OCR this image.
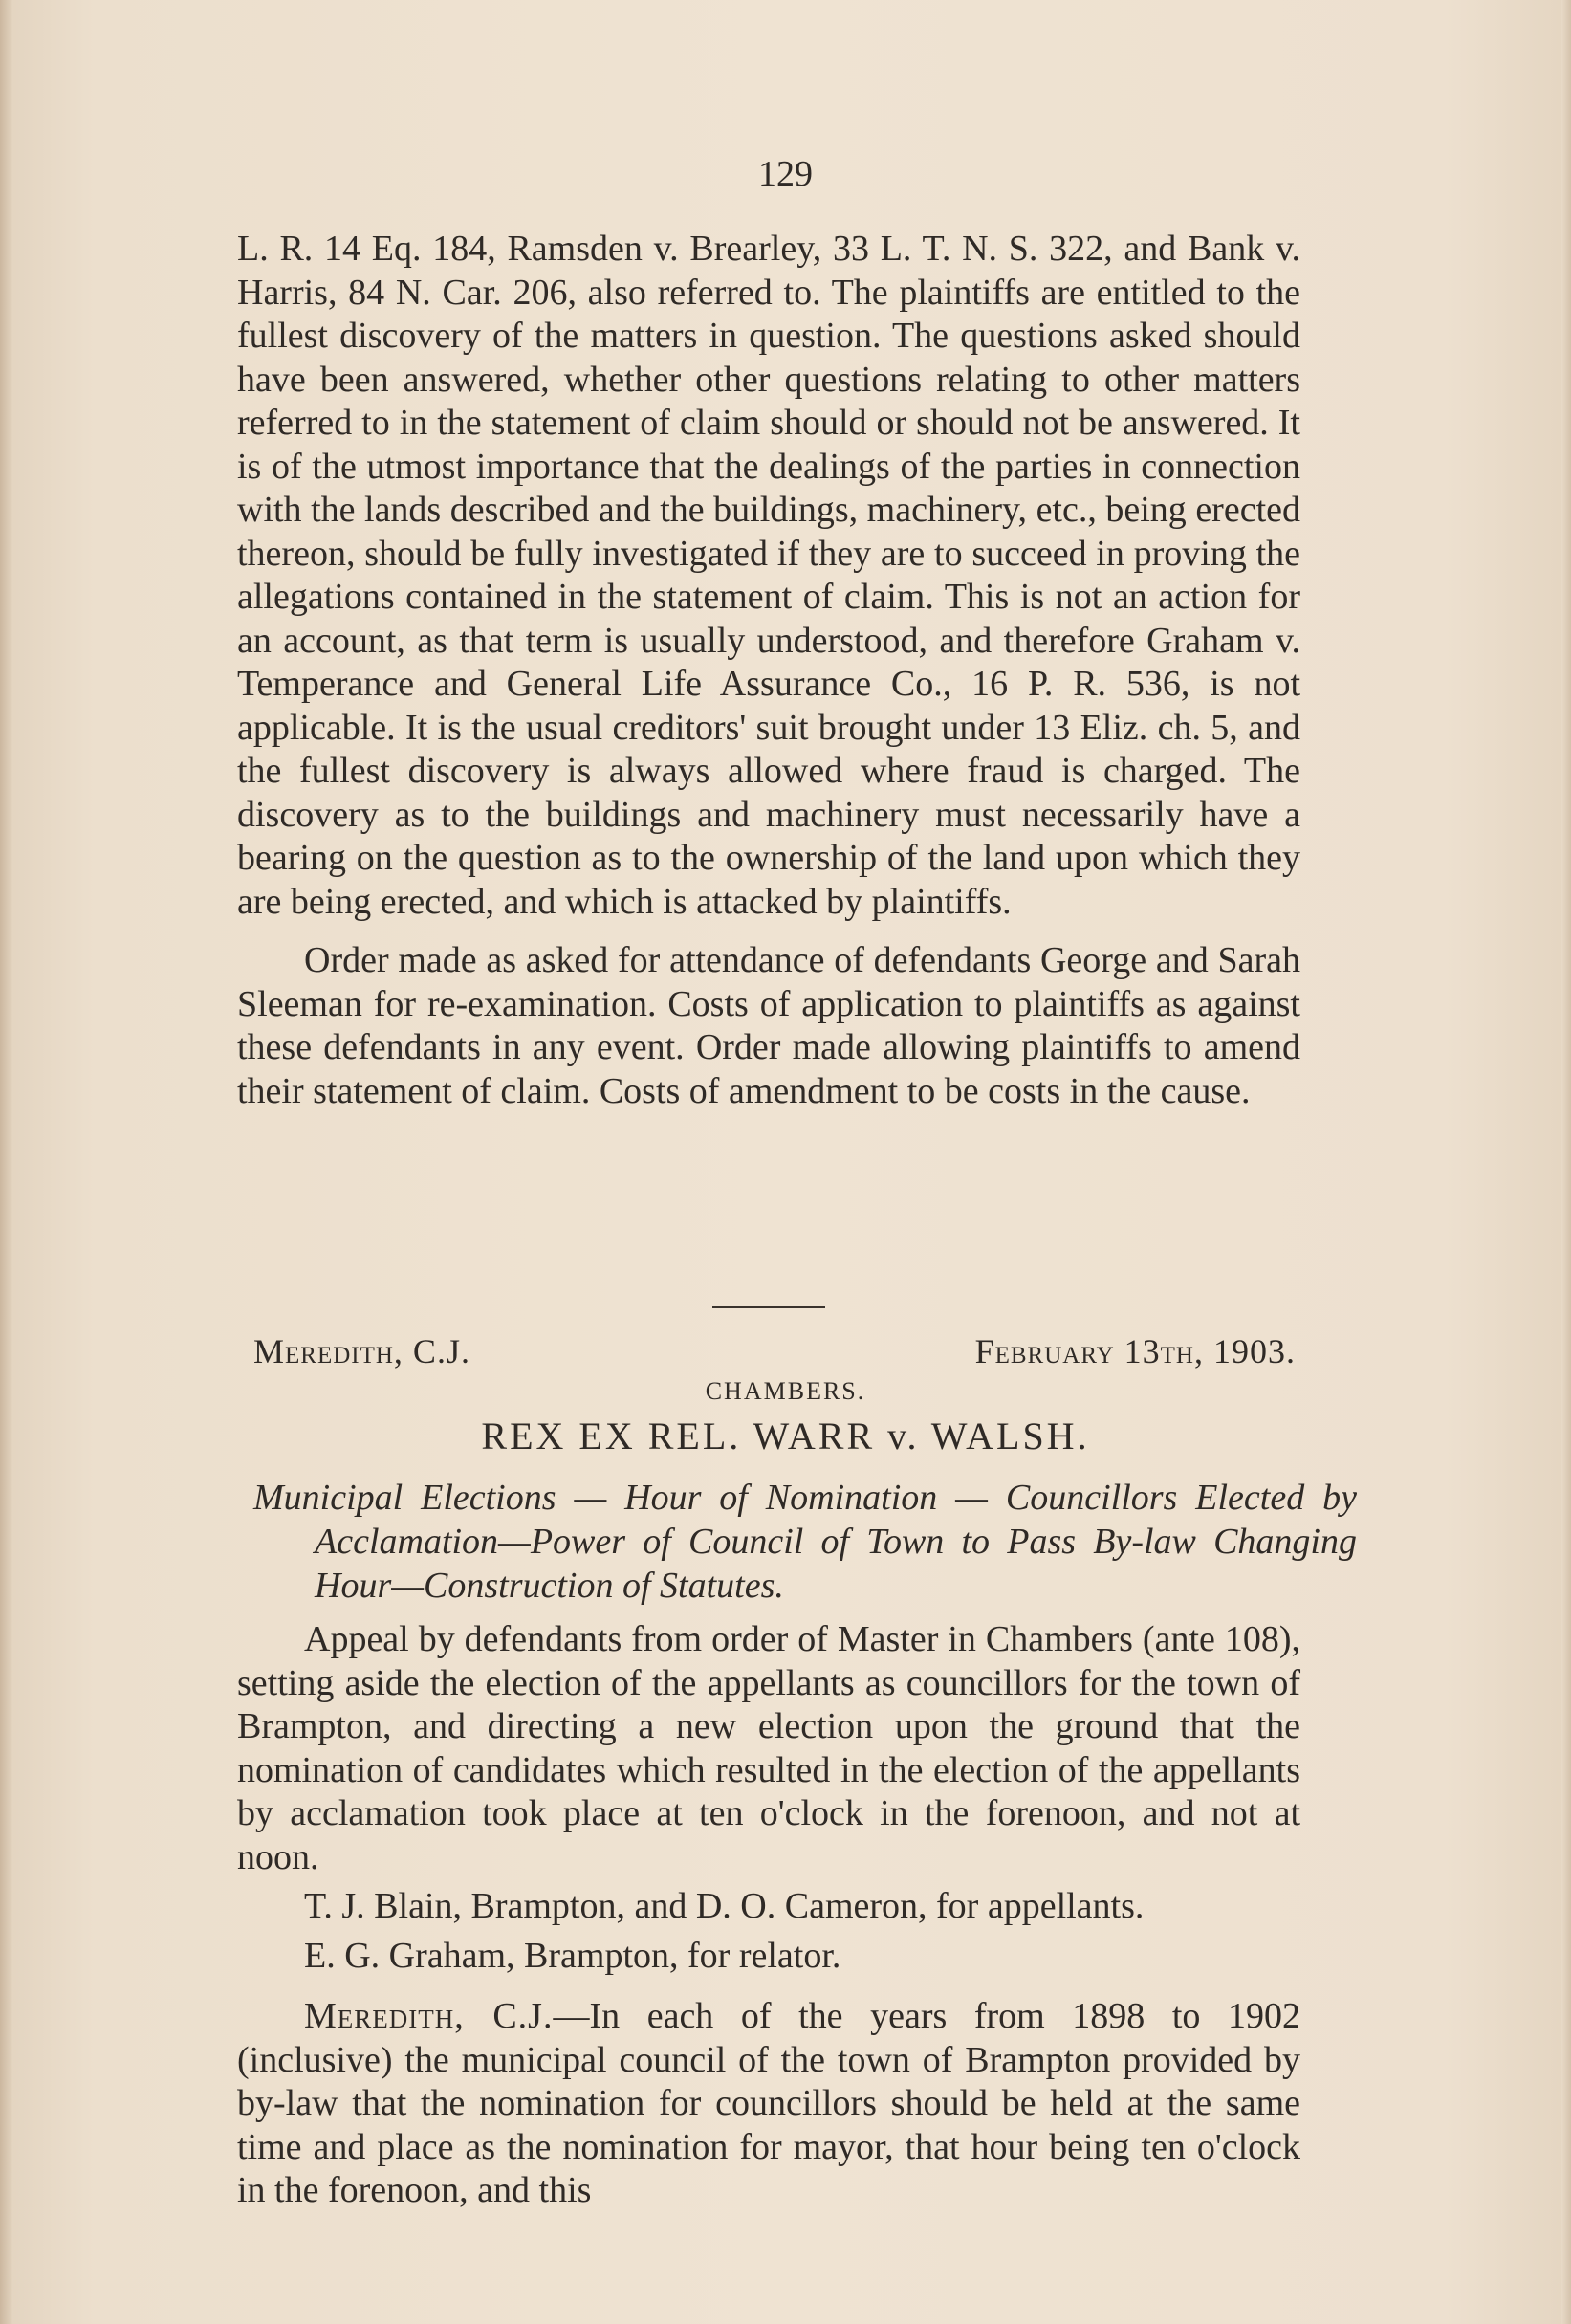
129

L. R. 14 Eq. 184, Ramsden v. Brearley, 33 L. T. N. S. 322, and Bank v. Harris, 84 N. Car. 206, also referred to. The plaintiffs are entitled to the fullest discovery of the matters in question. The questions asked should have been answered, whether other questions relating to other matters referred to in the statement of claim should or should not be answered. It is of the utmost importance that the dealings of the parties in connection with the lands described and the buildings, machinery, etc., being erected thereon, should be fully investigated if they are to succeed in proving the allegations contained in the statement of claim. This is not an action for an account, as that term is usually understood, and therefore Graham v. Temperance and General Life Assurance Co., 16 P. R. 536, is not applicable. It is the usual creditors' suit brought under 13 Eliz. ch. 5, and the fullest discovery is always allowed where fraud is charged. The discovery as to the buildings and machinery must necessarily have a bearing on the question as to the ownership of the land upon which they are being erected, and which is attacked by plaintiffs.

Order made as asked for attendance of defendants George and Sarah Sleeman for re-examination. Costs of application to plaintiffs as against these defendants in any event. Order made allowing plaintiffs to amend their statement of claim. Costs of amendment to be costs in the cause.

Meredith, C.J.	February 13th, 1903.
CHAMBERS.
REX EX REL. WARR v. WALSH.
Municipal Elections — Hour of Nomination — Councillors Elected by Acclamation—Power of Council of Town to Pass By-law Changing Hour—Construction of Statutes.

Appeal by defendants from order of Master in Chambers (ante 108), setting aside the election of the appellants as councillors for the town of Brampton, and directing a new election upon the ground that the nomination of candidates which resulted in the election of the appellants by acclamation took place at ten o'clock in the forenoon, and not at noon.

T. J. Blain, Brampton, and D. O. Cameron, for appellants.

E. G. Graham, Brampton, for relator.

Meredith, C.J.—In each of the years from 1898 to 1902 (inclusive) the municipal council of the town of Brampton provided by by-law that the nomination for councillors should be held at the same time and place as the nomination for mayor, that hour being ten o'clock in the forenoon, and this
